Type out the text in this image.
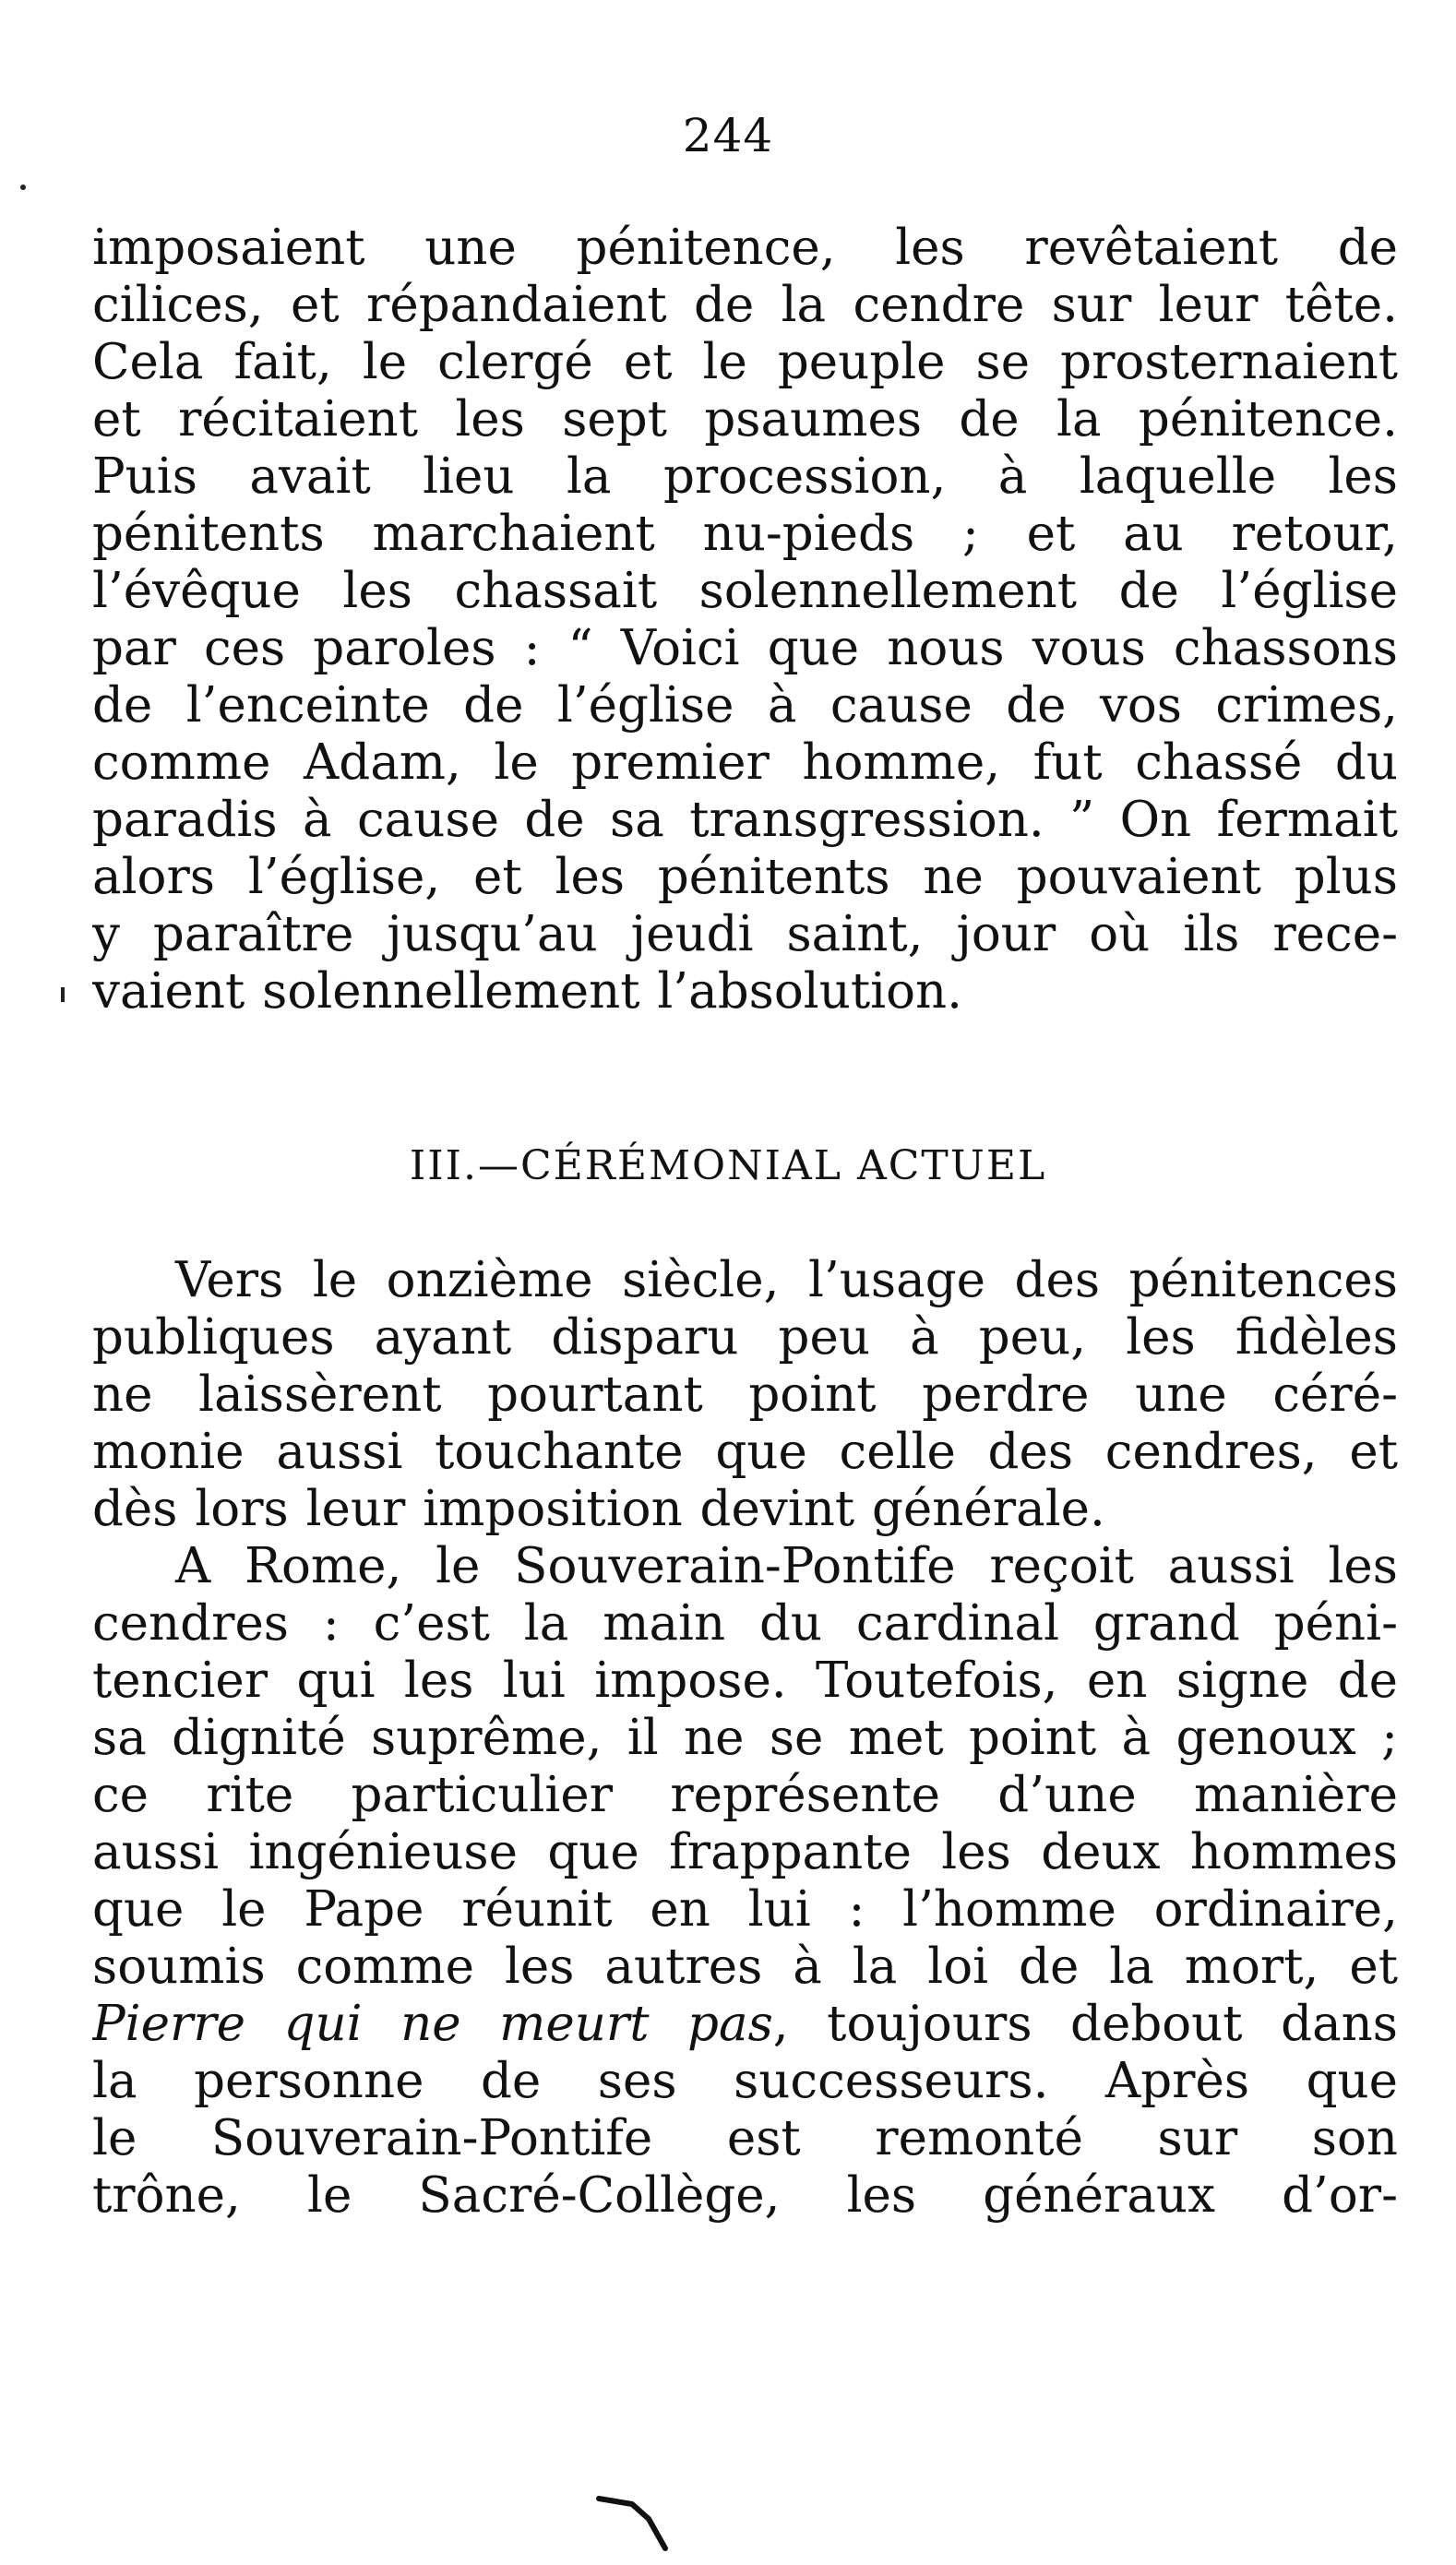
244
imposaient une pénitence, les revêtaient de
cilices, et répandaient de la cendre sur leur tête.
Cela fait, le clergé et le peuple se prosternaient
et récitaient les sept psaumes de la pénitence.
Puis avait lieu la procession, à laquelle les
pénitents marchaient nu-pieds ; et au retour,
l’évêque les chassait solennellement de l’église
par ces paroles : “ Voici que nous vous chassons
de l’enceinte de l’église à cause de vos crimes,
comme Adam, le premier homme, fut chassé du
paradis à cause de sa transgression. ” On fermait
alors l’église, et les pénitents ne pouvaient plus
y paraître jusqu’au jeudi saint, jour où ils rece-
vaient solennellement l’absolution.
III.—CÉRÉMONIAL ACTUEL
Vers le onzième siècle, l’usage des pénitences
publiques ayant disparu peu à peu, les fidèles
ne laissèrent pourtant point perdre une céré-
monie aussi touchante que celle des cendres, et
dès lors leur imposition devint générale.
A Rome, le Souverain-Pontife reçoit aussi les
cendres : c’est la main du cardinal grand péni-
tencier qui les lui impose. Toutefois, en signe de
sa dignité suprême, il ne se met point à genoux ;
ce rite particulier représente d’une manière
aussi ingénieuse que frappante les deux hommes
que le Pape réunit en lui : l’homme ordinaire,
soumis comme les autres à la loi de la mort, et
Pierre qui ne meurt pas, toujours debout dans
la personne de ses successeurs. Après que
le Souverain-Pontife est remonté sur son
trône, le Sacré-Collège, les généraux d’or-
